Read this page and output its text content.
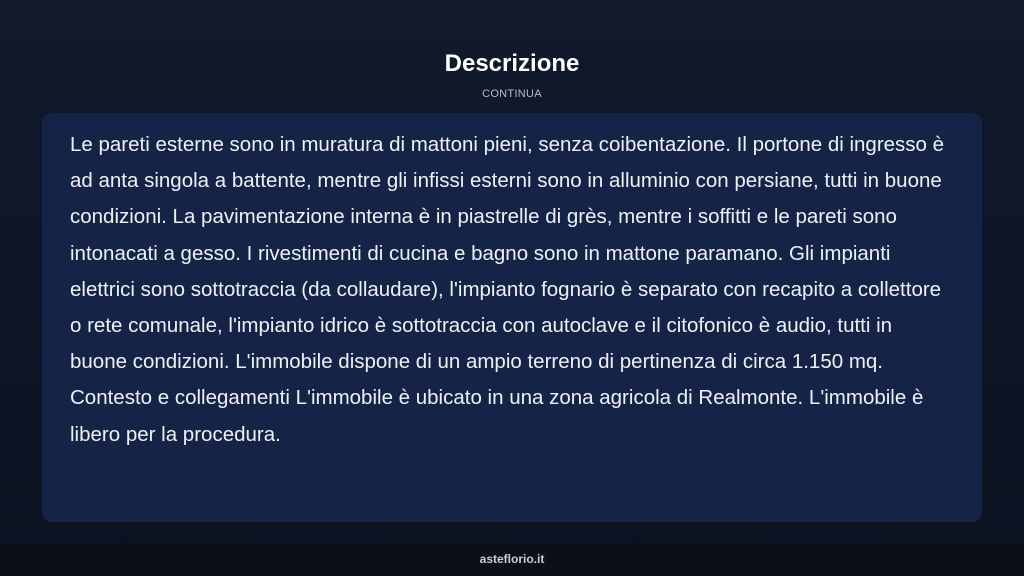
Descrizione
CONTINUA

Le pareti esterne sono in muratura di mattoni pieni, senza coibentazione. Il portone di ingresso è ad anta singola a battente, mentre gli infissi esterni sono in alluminio con persiane, tutti in buone condizioni. La pavimentazione interna è in piastrelle di grès, mentre i soffitti e le pareti sono intonacati a gesso. I rivestimenti di cucina e bagno sono in mattone paramano. Gli impianti elettrici sono sottotraccia (da collaudare), l'impianto fognario è separato con recapito a collettore o rete comunale, l'impianto idrico è sottotraccia con autoclave e il citofonico è audio, tutti in buone condizioni. L'immobile dispone di un ampio terreno di pertinenza di circa 1.150 mq. Contesto e collegamenti L'immobile è ubicato in una zona agricola di Realmonte. L'immobile è libero per la procedura.

asteflorio.it
